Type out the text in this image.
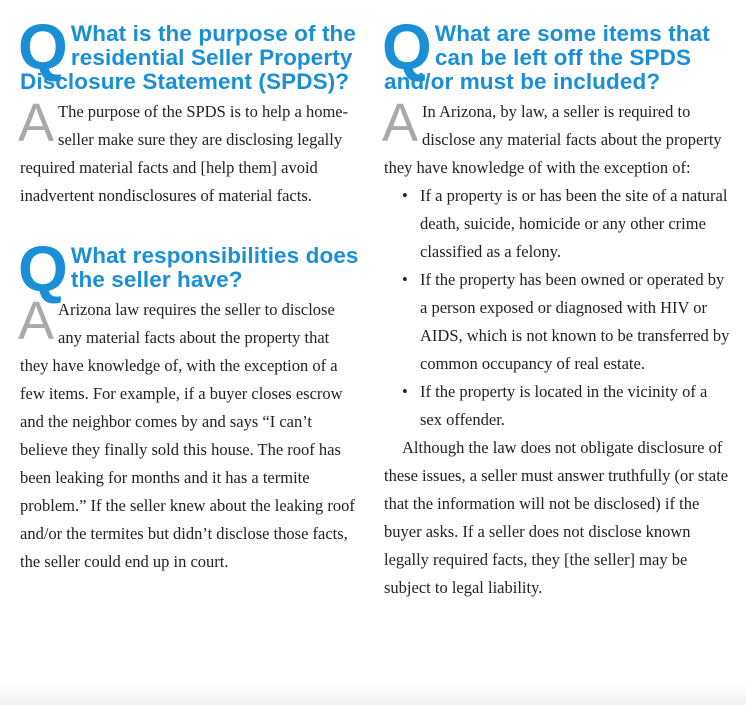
Q What is the purpose of the residential Seller Property Disclosure Statement (SPDS)?
A The purpose of the SPDS is to help a home-seller make sure they are disclosing legally required material facts and [help them] avoid inadvertent nondisclosures of material facts.
Q What responsibilities does the seller have?
A Arizona law requires the seller to disclose any material facts about the property that they have knowledge of, with the exception of a few items. For example, if a buyer closes escrow and the neighbor comes by and says “I can’t believe they finally sold this house. The roof has been leaking for months and it has a termite problem.” If the seller knew about the leaking roof and/or the termites but didn’t disclose those facts, the seller could end up in court.
Q What are some items that can be left off the SPDS and/or must be included?
A In Arizona, by law, a seller is required to disclose any material facts about the property they have knowledge of with the exception of:
• If a property is or has been the site of a natural death, suicide, homicide or any other crime classified as a felony.
• If the property has been owned or operated by a person exposed or diagnosed with HIV or AIDS, which is not known to be transferred by common occupancy of real estate.
• If the property is located in the vicinity of a sex offender.
Although the law does not obligate disclosure of these issues, a seller must answer truthfully (or state that the information will not be disclosed) if the buyer asks. If a seller does not disclose known legally required facts, they [the seller] may be subject to legal liability.
